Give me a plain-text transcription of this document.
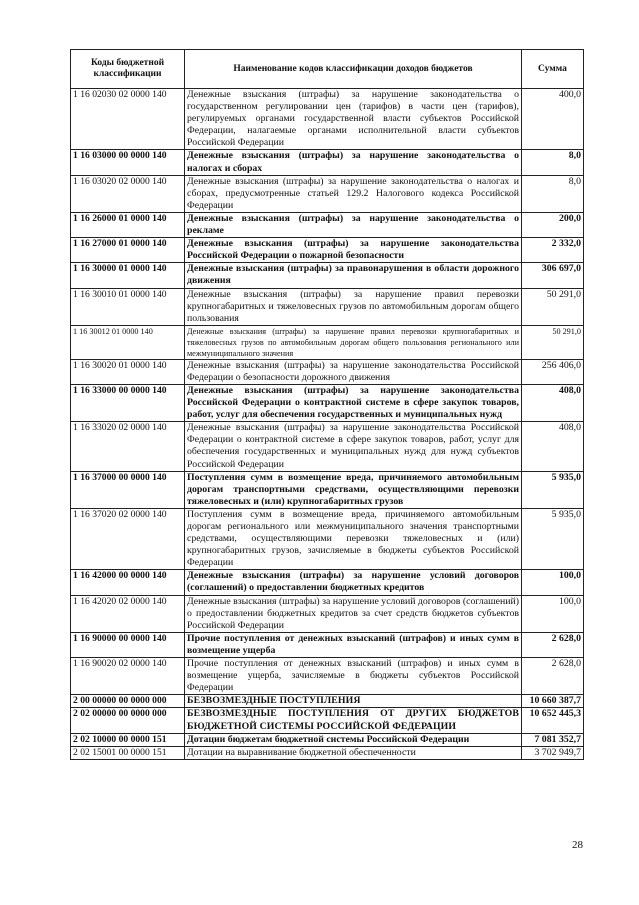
Коды бюджетной классификации	Наименование кодов классификации доходов бюджетов	Сумма
1 16 02030 02 0000 140	Денежные взыскания (штрафы) за нарушение законодательства о государственном регулировании цен (тарифов) в части цен (тарифов), регулируемых органами государственной власти субъектов Российской Федерации, налагаемые органами исполнительной власти субъектов Российской Федерации	400,0
1 16 03000 00 0000 140	Денежные взыскания (штрафы) за нарушение законодательства о налогах и сборах	8,0
1 16 03020 02 0000 140	Денежные взыскания (штрафы) за нарушение законодательства о налогах и сборах, предусмотренные статьей 129.2 Налогового кодекса Российской Федерации	8,0
1 16 26000 01 0000 140	Денежные взыскания (штрафы) за нарушение законодательства о рекламе	200,0
1 16 27000 01 0000 140	Денежные взыскания (штрафы) за нарушение законодательства Российской Федерации о пожарной безопасности	2 332,0
1 16 30000 01 0000 140	Денежные взыскания (штрафы) за правонарушения в области дорожного движения	306 697,0
1 16 30010 01 0000 140	Денежные взыскания (штрафы) за нарушение правил перевозки крупногабаритных и тяжеловесных грузов по автомобильным дорогам общего пользования	50 291,0
1 16 30012 01 0000 140	Денежные взыскания (штрафы) за нарушение правил перевозки крупногабаритных и тяжеловесных грузов по автомобильным дорогам общего пользования регионального или межмуниципального значения	50 291,0
1 16 30020 01 0000 140	Денежные взыскания (штрафы) за нарушение законодательства Российской Федерации о безопасности дорожного движения	256 406,0
1 16 33000 00 0000 140	Денежные взыскания (штрафы) за нарушение законодательства Российской Федерации о контрактной системе в сфере закупок товаров, работ, услуг для обеспечения государственных и муниципальных нужд	408,0
1 16 33020 02 0000 140	Денежные взыскания (штрафы) за нарушение законодательства Российской Федерации о контрактной системе в сфере закупок товаров, работ, услуг для обеспечения государственных и муниципальных нужд для нужд субъектов Российской Федерации	408,0
1 16 37000 00 0000 140	Поступления сумм в возмещение вреда, причиняемого автомобильным дорогам транспортными средствами, осуществляющими перевозки тяжеловесных и (или) крупногабаритных грузов	5 935,0
1 16 37020 02 0000 140	Поступления сумм в возмещение вреда, причиняемого автомобильным дорогам регионального или межмуниципального значения транспортными средствами, осуществляющими перевозки тяжеловесных и (или) крупногабаритных грузов, зачисляемые в бюджеты субъектов Российской Федерации	5 935,0
1 16 42000 00 0000 140	Денежные взыскания (штрафы) за нарушение условий договоров (соглашений) о предоставлении бюджетных кредитов	100,0
1 16 42020 02 0000 140	Денежные взыскания (штрафы) за нарушение условий договоров (соглашений) о предоставлении бюджетных кредитов за счет средств бюджетов субъектов Российской Федерации	100,0
1 16 90000 00 0000 140	Прочие поступления от денежных взысканий (штрафов) и иных сумм в возмещение ущерба	2 628,0
1 16 90020 02 0000 140	Прочие поступления от денежных взысканий (штрафов) и иных сумм в возмещение ущерба, зачисляемые в бюджеты субъектов Российской Федерации	2 628,0
2 00 00000 00 0000 000	БЕЗВОЗМЕЗДНЫЕ ПОСТУПЛЕНИЯ	10 660 387,7
2 02 00000 00 0000 000	БЕЗВОЗМЕЗДНЫЕ ПОСТУПЛЕНИЯ ОТ ДРУГИХ БЮДЖЕТОВ БЮДЖЕТНОЙ СИСТЕМЫ РОССИЙСКОЙ ФЕДЕРАЦИИ	10 652 445,3
2 02 10000 00 0000 151	Дотации бюджетам бюджетной системы Российской Федерации	7 081 352,7
2 02 15001 00 0000 151	Дотации на выравнивание бюджетной обеспеченности	3 702 949,7
28
